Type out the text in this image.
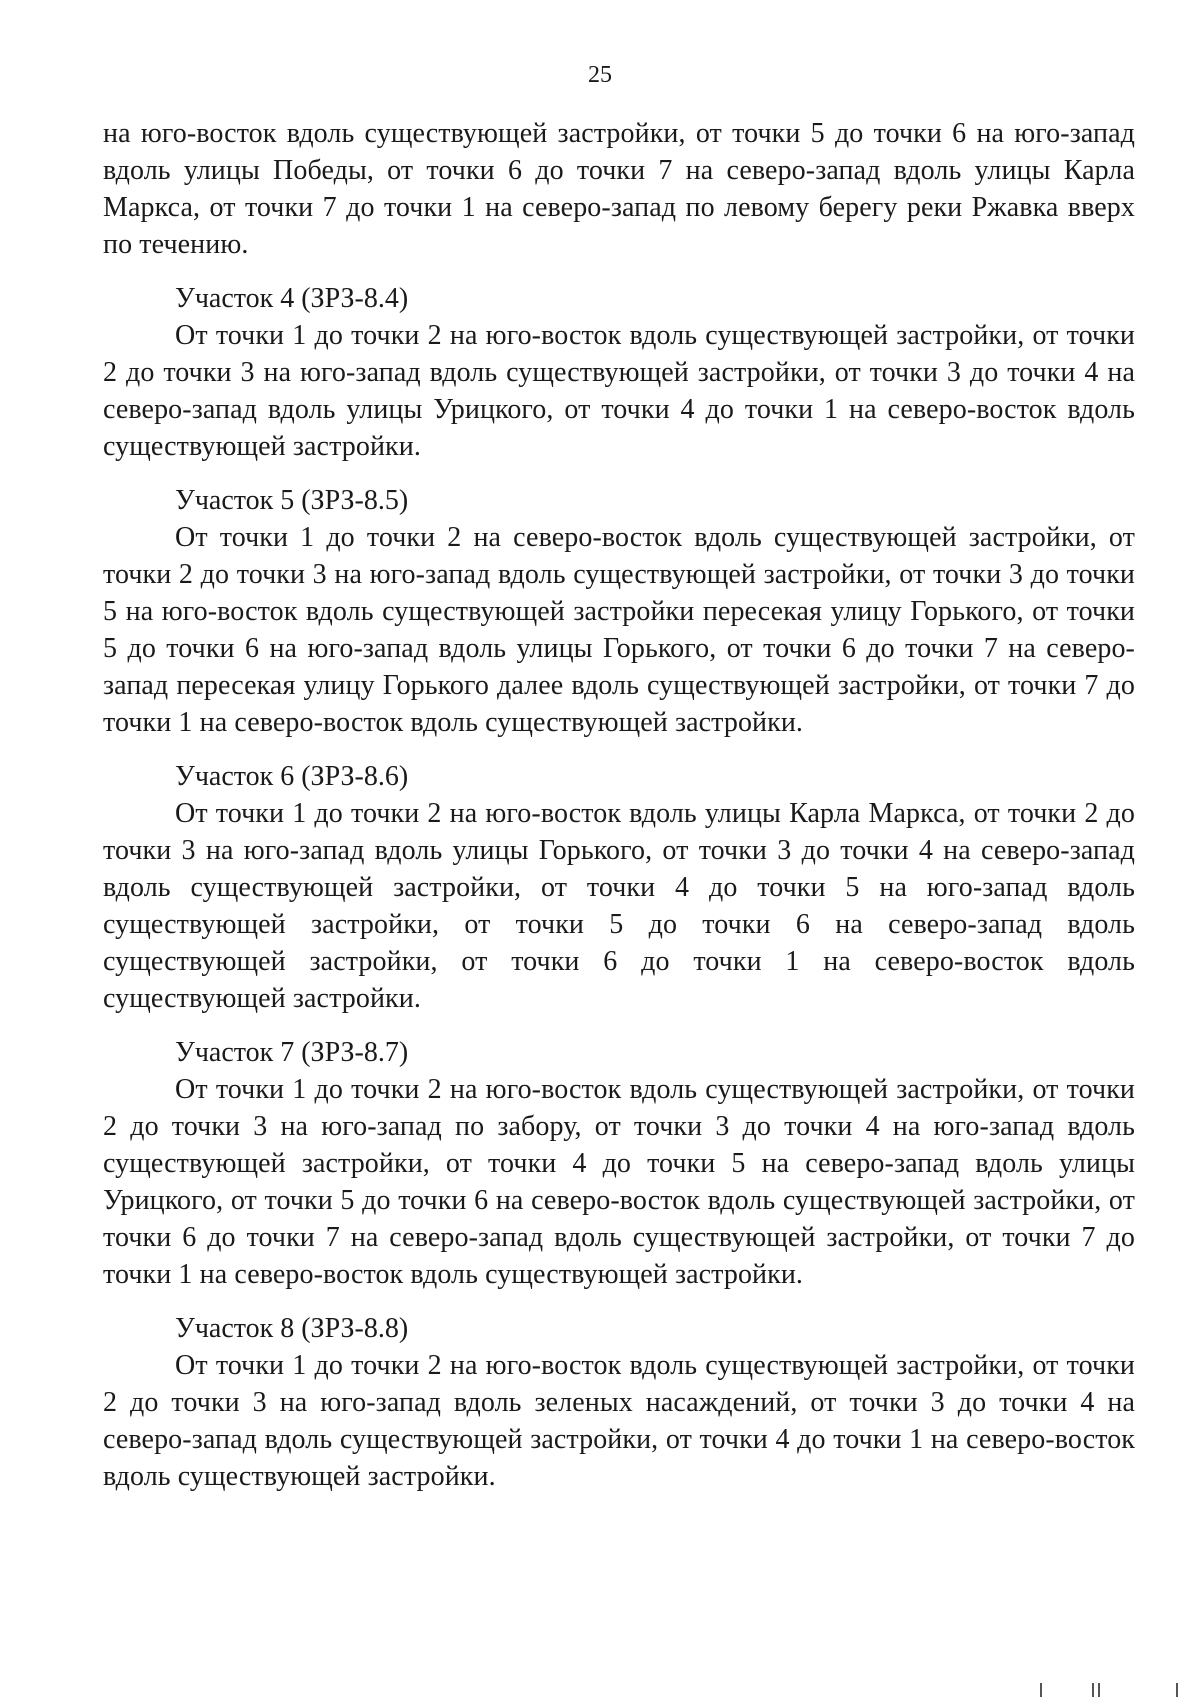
25

на юго-восток вдоль существующей застройки, от точки 5 до точки 6 на юго-запад вдоль улицы Победы, от точки 6 до точки 7 на северо-запад вдоль улицы Карла Маркса, от точки 7 до точки 1 на северо-запад по левому берегу реки Ржавка вверх по течению.

Участок 4 (ЗРЗ-8.4)

От точки 1 до точки 2 на юго-восток вдоль существующей застройки, от точки 2 до точки 3 на юго-запад вдоль существующей застройки, от точки 3 до точки 4 на северо-запад вдоль улицы Урицкого, от точки 4 до точки 1 на северо-восток вдоль существующей застройки.

Участок 5 (ЗРЗ-8.5)

От точки 1 до точки 2 на северо-восток вдоль существующей застройки, от точки 2 до точки 3 на юго-запад вдоль существующей застройки, от точки 3 до точки 5 на юго-восток вдоль существующей застройки пересекая улицу Горького, от точки 5 до точки 6 на юго-запад вдоль улицы Горького, от точки 6 до точки 7 на северо-запад пересекая улицу Горького далее вдоль существующей застройки, от точки 7 до точки 1 на северо-восток вдоль существующей застройки.

Участок 6 (ЗРЗ-8.6)

От точки 1 до точки 2 на юго-восток вдоль улицы Карла Маркса, от точки 2 до точки 3 на юго-запад вдоль улицы Горького, от точки 3 до точки 4 на северо-запад вдоль существующей застройки, от точки 4 до точки 5 на юго-запад вдоль существующей застройки, от точки 5 до точки 6 на северо-запад вдоль существующей застройки, от точки 6 до точки 1 на северо-восток вдоль существующей застройки.

Участок 7 (ЗРЗ-8.7)

От точки 1 до точки 2 на юго-восток вдоль существующей застройки, от точки 2 до точки 3 на юго-запад по забору, от точки 3 до точки 4 на юго-запад вдоль существующей застройки, от точки 4 до точки 5 на северо-запад вдоль улицы Урицкого, от точки 5 до точки 6 на северо-восток вдоль существующей застройки, от точки 6 до точки 7 на северо-запад вдоль существующей застройки, от точки 7 до точки 1 на северо-восток вдоль существующей застройки.

Участок 8 (ЗРЗ-8.8)

От точки 1 до точки 2 на юго-восток вдоль существующей застройки, от точки 2 до точки 3 на юго-запад вдоль зеленых насаждений, от точки 3 до точки 4 на северо-запад вдоль существующей застройки, от точки 4 до точки 1 на северо-восток вдоль существующей застройки.
